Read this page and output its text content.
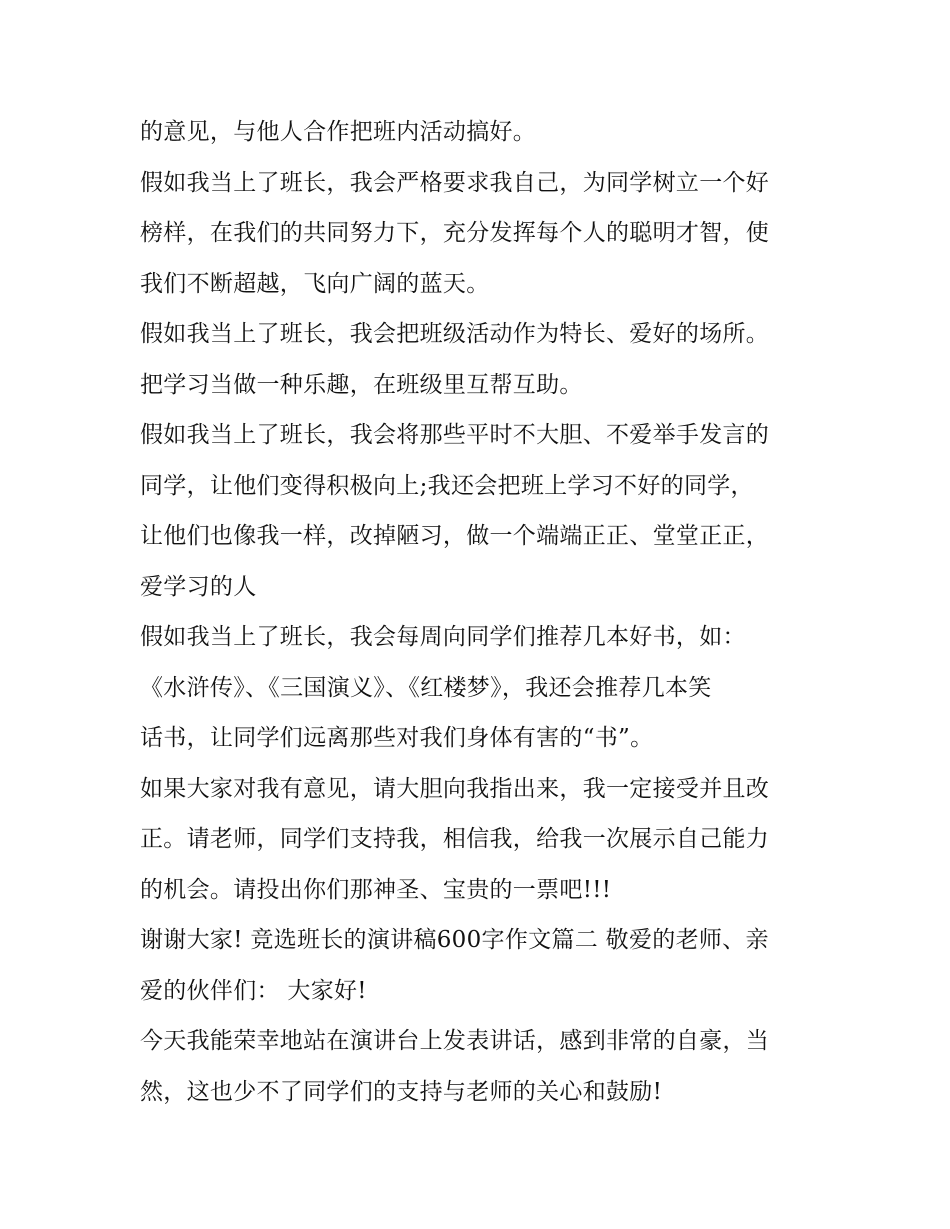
的意见，与他人合作把班内活动搞好。
假如我当上了班长，我会严格要求我自己，为同学树立一个好
榜样，在我们的共同努力下，充分发挥每个人的聪明才智，使
我们不断超越，飞向广阔的蓝天。
假如我当上了班长，我会把班级活动作为特长、爱好的场所。
把学习当做一种乐趣，在班级里互帮互助。
假如我当上了班长，我会将那些平时不大胆、不爱举手发言的
同学，让他们变得积极向上;我还会把班上学习不好的同学，
让他们也像我一样，改掉陋习，做一个端端正正、堂堂正正，
爱学习的人
假如我当上了班长，我会每周向同学们推荐几本好书，如：
《水浒传》、《三国演义》、《红楼梦》，我还会推荐几本笑
话书，让同学们远离那些对我们身体有害的“书”。
如果大家对我有意见，请大胆向我指出来，我一定接受并且改
正。请老师，同学们支持我，相信我，给我一次展示自己能力
的机会。请投出你们那神圣、宝贵的一票吧!!!
谢谢大家! 竞选班长的演讲稿600字作文篇二 敬爱的老师、亲
爱的伙伴们： 大家好!
今天我能荣幸地站在演讲台上发表讲话，感到非常的自豪，当
然，这也少不了同学们的支持与老师的关心和鼓励!
